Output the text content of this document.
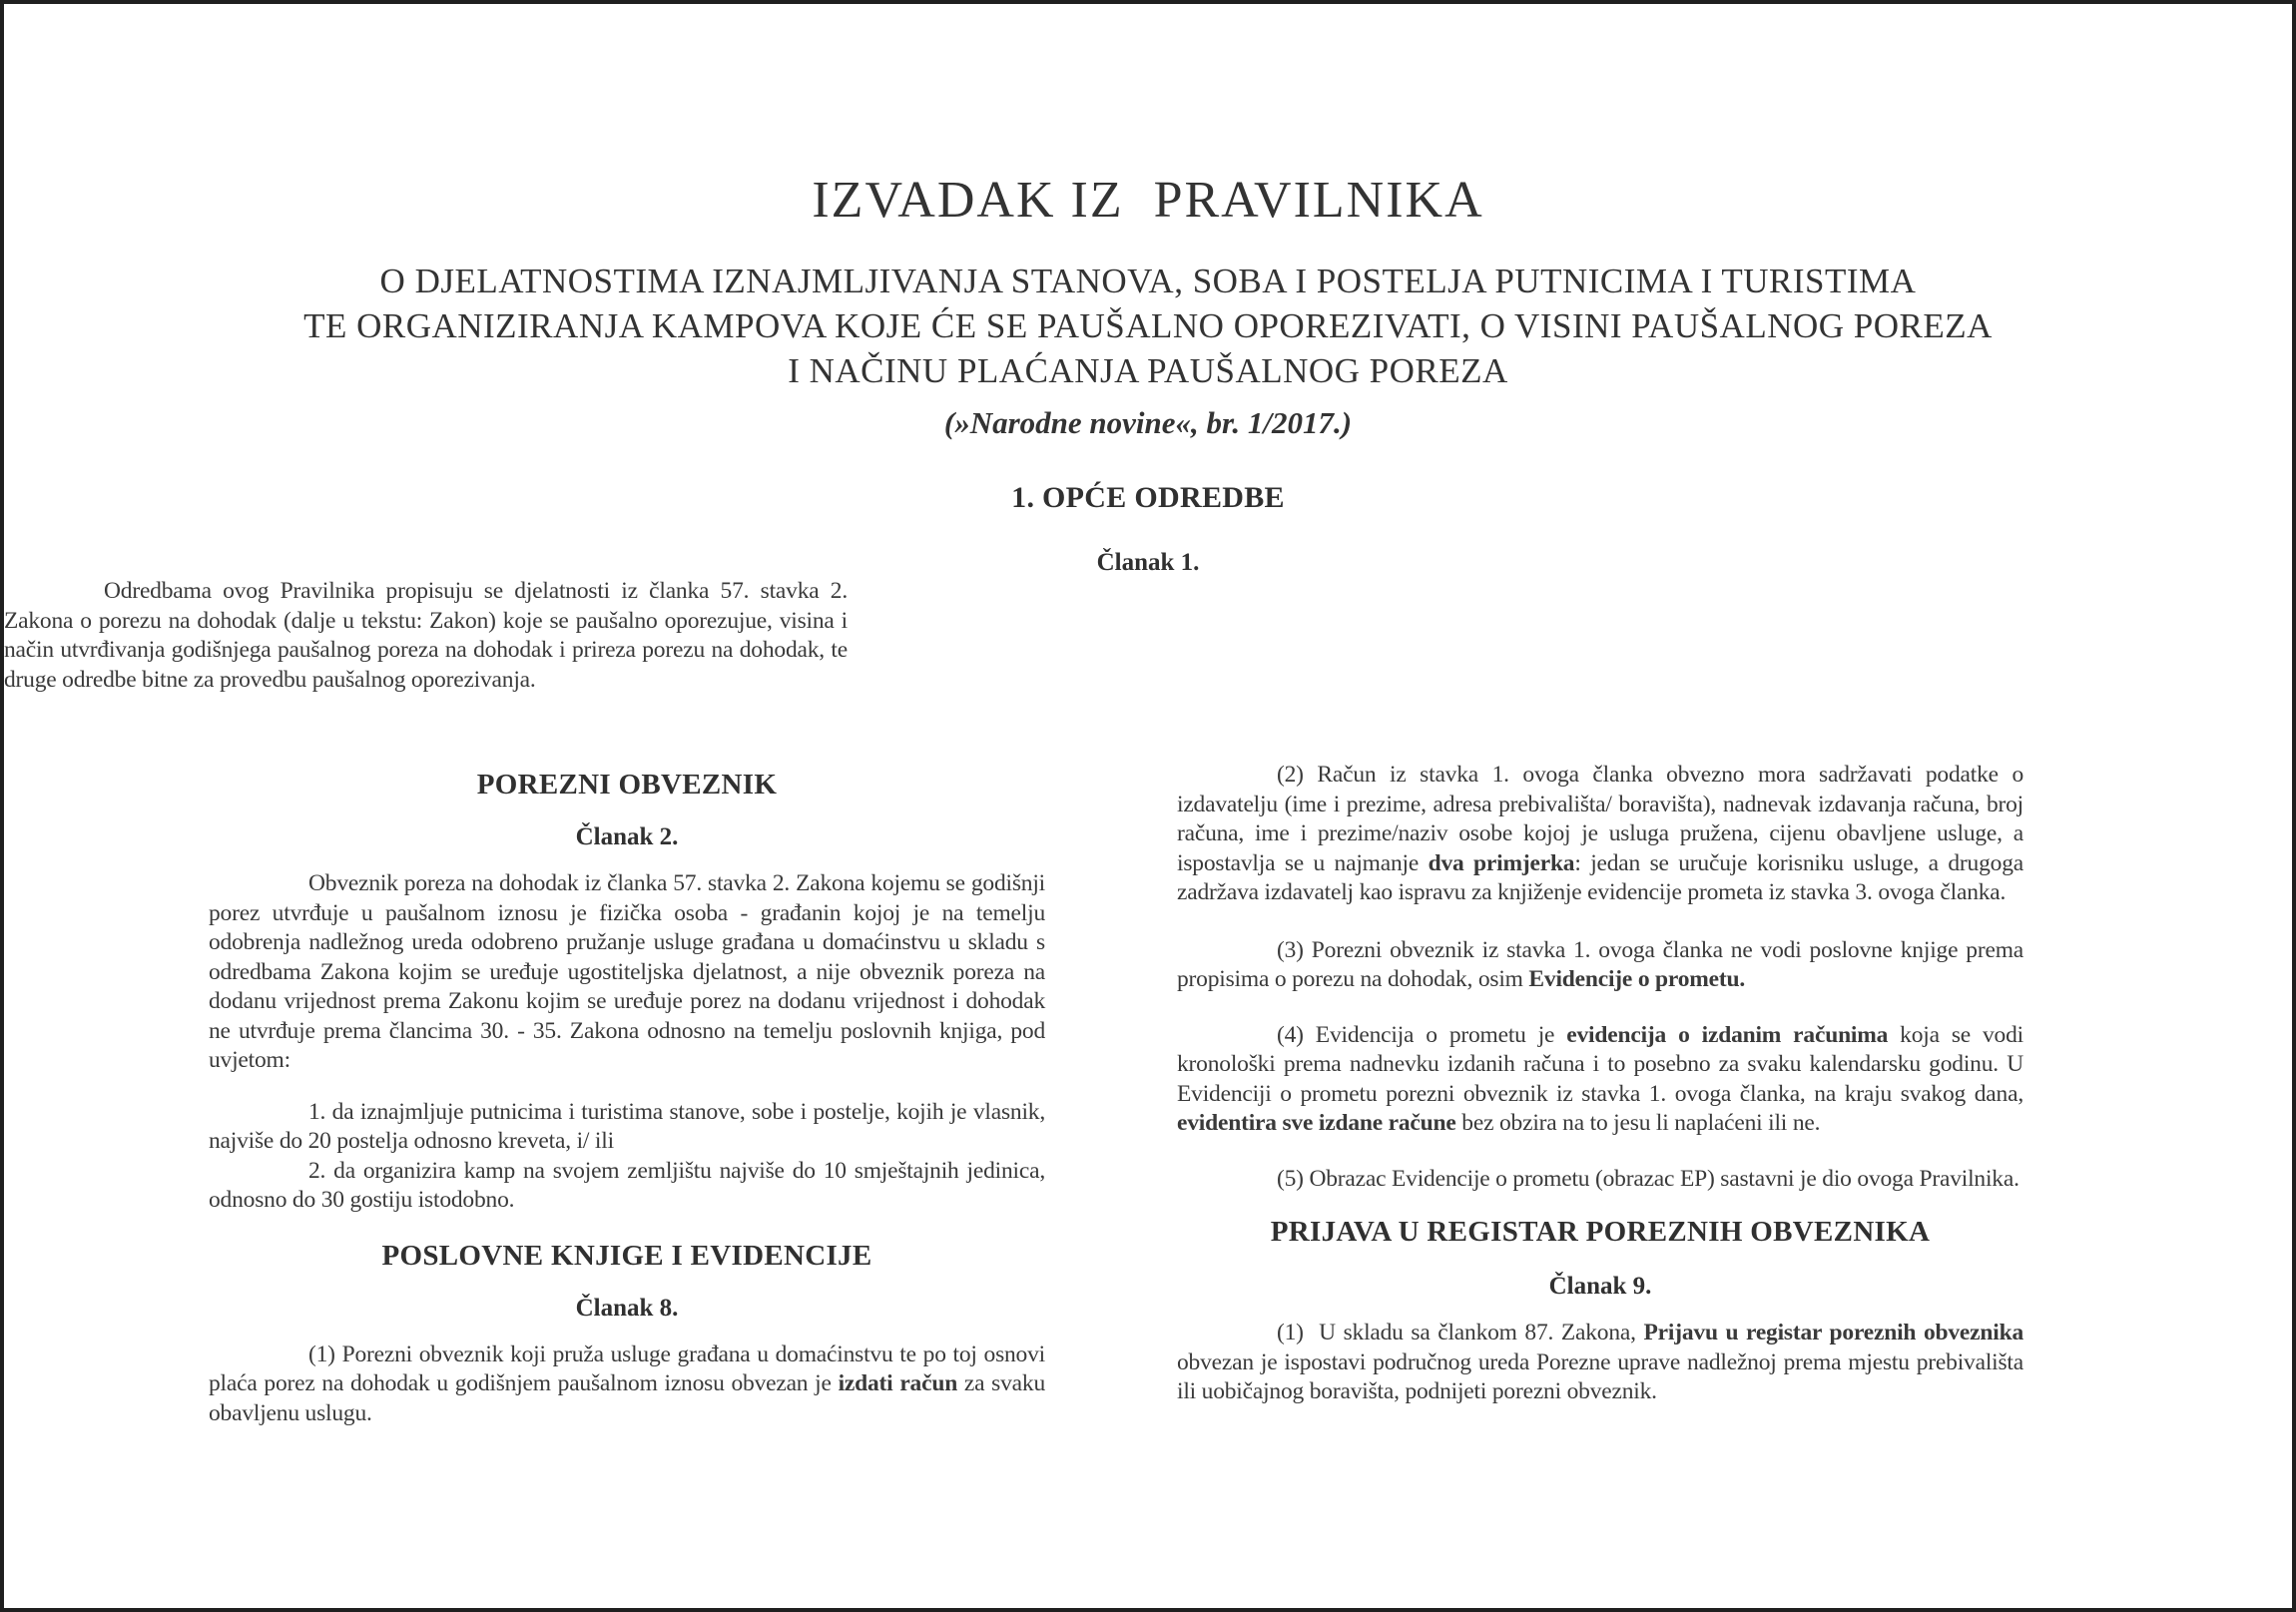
IZVADAK IZ  PRAVILNIKA
O DJELATNOSTIMA IZNAJMLJIVANJA STANOVA, SOBA I POSTELJA PUTNICIMA I TURISTIMA
TE ORGANIZIRANJA KAMPOVA KOJE ĆE SE PAUŠALNO OPOREZIVATI, O VISINI PAUŠALNOG POREZA
I NAČINU PLAĆANJA PAUŠALNOG POREZA
(»Narodne novine«, br. 1/2017.)
1. OPĆE ODREDBE
Članak 1.

Odredbama ovog Pravilnika propisuju se djelatnosti iz članka 57. stavka 2. Zakona o porezu na dohodak (dalje u tekstu: Zakon) koje se paušalno oporezujue, visina i način utvrđivanja godišnjega paušalnog poreza na dohodak i prireza porezu na dohodak, te druge odredbe bitne za provedbu paušalnog oporezivanja.

POREZNI OBVEZNIK
Članak 2.

Obveznik poreza na dohodak iz članka 57. stavka 2. Zakona kojemu se godišnji porez utvrđuje u paušalnom iznosu je fizička osoba - građanin kojoj je na temelju odobrenja nadležnog ureda odobreno pružanje usluge građana u domaćinstvu u skladu s odredbama Zakona kojim se uređuje ugostiteljska djelatnost, a nije obveznik poreza na dodanu vrijednost prema Zakonu kojim se uređuje porez na dodanu vrijednost i dohodak ne utvrđuje prema člancima 30. - 35. Zakona odnosno na temelju poslovnih knjiga, pod uvjetom:

1. da iznajmljuje putnicima i turistima stanove, sobe i postelje, kojih je vlasnik, najviše do 20 postelja odnosno kreveta, i/ ili

2. da organizira kamp na svojem zemljištu najviše do 10 smještajnih jedinica, odnosno do 30 gostiju istodobno.

POSLOVNE KNJIGE I EVIDENCIJE
Članak 8.

(1) Porezni obveznik koji pruža usluge građana u domaćinstvu te po toj osnovi plaća porez na dohodak u godišnjem paušalnom iznosu obvezan je izdati račun za svaku obavljenu uslugu.

(2) Račun iz stavka 1. ovoga članka obvezno mora sadržavati podatke o izdavatelju (ime i prezime, adresa prebivališta/ boravišta), nadnevak izdavanja računa, broj računa, ime i prezime/naziv osobe kojoj je usluga pružena, cijenu obavljene usluge, a ispostavlja se u najmanje dva primjerka: jedan se uručuje korisniku usluge, a drugoga zadržava izdavatelj kao ispravu za knjiženje evidencije prometa iz stavka 3. ovoga članka.

(3) Porezni obveznik iz stavka 1. ovoga članka ne vodi poslovne knjige prema propisima o porezu na dohodak, osim Evidencije o prometu.

(4) Evidencija o prometu je evidencija o izdanim računima koja se vodi kronološki prema nadnevku izdanih računa i to posebno za svaku kalendarsku godinu. U Evidenciji o prometu porezni obveznik iz stavka 1. ovoga članka, na kraju svakog dana, evidentira sve izdane račune bez obzira na to jesu li naplaćeni ili ne.

(5) Obrazac Evidencije o prometu (obrazac EP) sastavni je dio ovoga Pravilnika.

PRIJAVA U REGISTAR POREZNIH OBVEZNIKA
Članak 9.

(1)  U skladu sa člankom 87. Zakona, Prijavu u registar poreznih obveznika obvezan je ispostavi područnog ureda Porezne uprave nadležnoj prema mjestu prebivališta ili uobičajnog boravišta, podnijeti porezni obveznik.
